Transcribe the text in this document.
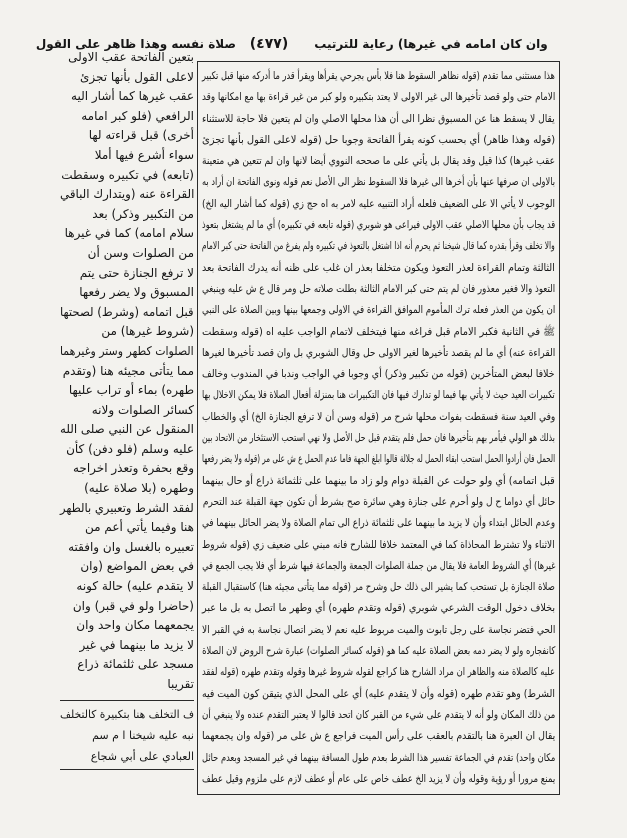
صلاة نفسه وهذا ظاهر على القول (٤٧٧)	وان كان امامه في غيرها) رعاية للترتيب
بتعين الفاتحة عقب الاولى
لاعلى القول بأنها تجزئ
عقب غيرها كما أشار اليه
الرافعي (فلو كبر امامه
أخرى) قبل قراءته لها
سواء أشرع فيها أملا
(تابعه) في تكبيره وسقطت
القراءة عنه (ويتدارك الباقي
من التكبير وذكر) بعد
سلام امامه) كما في غيرها
من الصلوات وسن أن
لا ترفع الجنازة حتى يتم
المسبوق ولا يضر رفعها
قبل اتمامه (وشرط) لصحتها
(شروط غيرها) من
الصلوات كطهر وستر وغيرهما
مما يتأتى مجيئه هنا (وتقدم
طهره) بماء أو تراب عليها
كسائر الصلوات ولانه
المنقول عن النبي صلى الله
عليه وسلم (فلو دفن) كأن
وقع بحفرة وتعذر اخراجه
وطهره (بلا صلاة عليه)
لفقد الشرط وتعبيري بالطهر
هنا وفيما يأتي أعم من
تعبيره بالغسل وان وافقته
في بعض المواضع (وان
لا يتقدم عليه) حالة كونه
(حاضرا ولو في قبر) وان
يجمعهما مكان واحد وان
لا يزيد ما بينهما في غير
مسجد على ثلثمائة ذراع
تقريبا
ف التخلف هنا بتكبيرة كالتخلف
نبه عليه شيخنا ا م سم
العبادي على أبي شجاع
هذا مستثنى مما تقدم (قوله نظاهر السقوط هنا فلا بأس بجرحي يقرأها ويقرأ قدر ما أدركه منها قبل تكبير
الامام حتى ولو قصد تأخيرها الى غير الاولى لا يعتد بتكبيره ولو كبر من غير قراءة بها مع امكانها وقد
يقال لا يسقط هنا عن المسبوق نظرا الى أن هذا محلها الاصلي وان لم يتعين فلا حاجة للاستثناء
(قوله وهذا ظاهر) أي بحسب كونه يقرأ الفاتحة وجوبا حل (قوله لاعلى القول بأنها تجزئ
عقب غيرها) كذا قيل وقد يقال بل يأتي على ما صححه النووي أيضا لانها وان لم تتعين هي متعينة
بالاولى ان صرفها عنها بأن أخرها الى غيرها فلا السقوط نظر الى الأصل نعم قوله ونوى الفاتحة ان أراد به
الوجوب لا يأتي الا على الضعيف فلعله أراد التنبيه عليه لامر به اه حج زي (قوله كما أشار اليه الخ)
قد يجاب بأن محلها الاصلي عقب الاولى فيراعى هو شوبري (قوله تابعه في تكبيره) أي ما لم يشتغل بتعوذ
والا تخلف وقرأ بقدره كما قال شيخنا ثم يحرم أنه اذا اشتغل بالتعوذ في تكبيره ولم يفرغ من الفاتحة حتى كبر الامام
الثالثة وتمام القراءة لعذر التعوذ ويكون متخلفا بعذر ان غلب على ظنه أنه يدرك الفاتحة بعد
التعوذ والا فغير معذور فان لم يتم حتى كبر الامام الثالثة بطلت صلاته حل ومر قال ع ش عليه وينبغي
ان يكون من العذر فعله ترك المأموم الموافق القراءة في الاولى وجمعها بينها وبين الصلاة على النبي
ﷺ في الثانية فكبر الامام قبل فراغه منها فيتخلف لاتمام الواجب عليه اه (قوله وسقطت
القراءة عنه) أي ما لم يقصد تأخيرها لغير الاولى حل وقال الشوبري بل وان قصد تأخيرها لغيرها
خلافا لبعض المتأخرين (قوله من تكبير وذكر) أي وجوبا في الواجب وندبا في المندوب وخالف
تكبيرات العيد حيث لا يأتي بها فيما لو تدارك فيها فان التكبيرات هنا بمنزلة أفعال الصلاة فلا يمكن الاخلال بها
وفي العيد سنة فسقطت بفوات محلها شرح مر (قوله وسن أن لا ترفع الجنازة الخ) أي والخطاب
بذلك هو الولي فيأمر بهم بتأخيرها فان حمل فلم يتقدم قبل حل الأصل ولا نهي استحب الاستئخار من الاتحاد بين
الحمل فان أرادوا الحمل استحب ابقاء الحمل له جلالة قالوا ابلغ الجهة فاما عدم الحمل ع ش على مر (قوله ولا يضر رفعها
قبل اتمامه) أي ولو حولت عن القبلة دوام ولو زاد ما بينهما على ثلثمائة ذراع أو حال بينهما
حائل أي دواما ح ل ولو أحرم على جنازة وهي سائرة صح بشرط أن تكون جهة القبلة عند التحرم
وعدم الحائل ابتداء وأن لا يزيد ما بينهما على ثلثمائة ذراع الى تمام الصلاة ولا يضر الحائل بينهما في
الاثناء ولا تشترط المحاذاة كما في المعتمد خلافا للشارح فانه مبني على ضعيف زي (قوله شروط
غيرها) أي الشروط العامة فلا يقال من جملة الصلوات الجمعة والجماعة فيها شرط أي فلا يجب الجمع في
صلاة الجنازة بل تستحب كما يشير الى ذلك حل وشرح مر (قوله مما يتأتى مجيئه هنا) كاستقبال القبلة
بخلاف دخول الوقت الشرعي شوبري (قوله وتقدم طهره) أي وطهر ما اتصل به بل ما عبر
الحي فتضر نجاسة على رجل تابوت والميت مربوط عليه نعم لا يضر اتصال نجاسة به في القبر الا
كانفجاره ولو لا يضر دمه بعض الصلاة عليه كما هو (قوله كسائر الصلوات) عبارة شرح الروض لان الصلاة
عليه كالصلاة منه والظاهر ان مراد الشارح هنا كراجع لقوله شروط غيرها وقوله وتقدم طهره (قوله لفقد
الشرط) وهو تقدم طهره (قوله وأن لا يتقدم عليه) أي على المحل الذي يتيقن كون الميت فيه
من ذلك المكان ولو أنه لا يتقدم على شيء من القبر كان اتحد قالوا لا يعتبر التقدم عنده ولا ينبغي أن
يقال ان العبرة هنا بالتقدم بالعقب على رأس الميت فراجع ع ش على مر (قوله وان يجمعهما
مكان واحد) تقدم في الجماعة تفسير هذا الشرط بعدم طول المسافة بينهما في غير المسجد وبعدم حائل
يمنع مرورا أو رؤية وقوله وأن لا يزيد الخ عطف خاص على عام أو عطف لازم على ملزوم وقيل عطف
